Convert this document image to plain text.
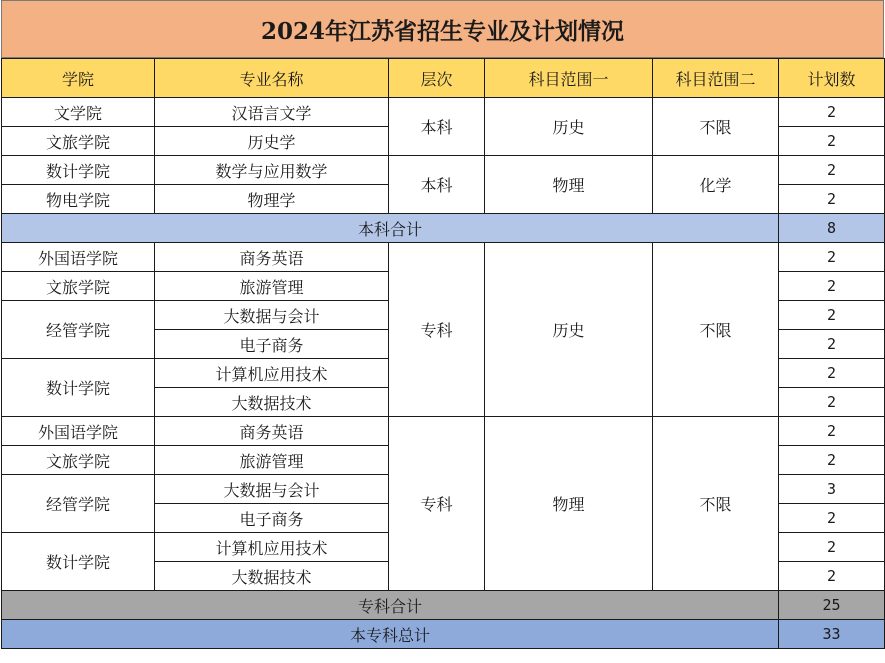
2024年江苏省招生专业及计划情况
学院	专业名称	层次	科目范围一	科目范围二	计划数
文学院	汉语言文学	本科	历史	不限	2
文旅学院	历史学				2
数计学院	数学与应用数学	本科	物理	化学	2
物电学院	物理学				2
本科合计					8
外国语学院	商务英语	专科	历史	不限	2
文旅学院	旅游管理				2
经管学院	大数据与会计				2
	电子商务				2
数计学院	计算机应用技术				2
	大数据技术				2
外国语学院	商务英语	专科	物理	不限	2
文旅学院	旅游管理				2
经管学院	大数据与会计				3
	电子商务				2
数计学院	计算机应用技术				2
	大数据技术				2
专科合计					25
本专科总计					33
